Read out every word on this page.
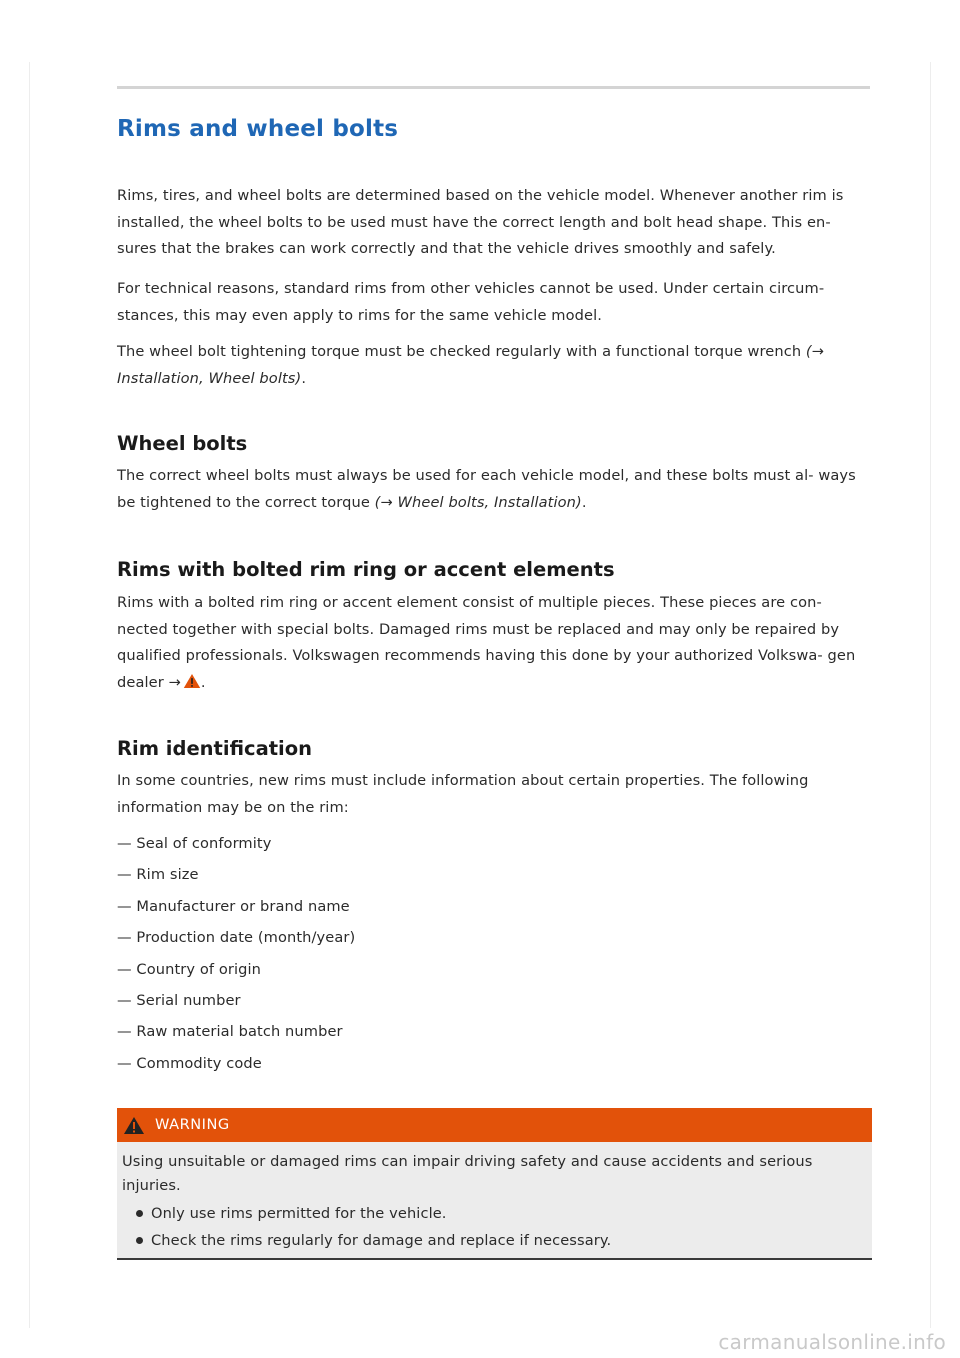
Rims and wheel bolts

Rims, tires, and wheel bolts are determined based on the vehicle model. Whenever another rim is installed, the wheel bolts to be used must have the correct length and bolt head shape. This en- sures that the brakes can work correctly and that the vehicle drives smoothly and safely.

For technical reasons, standard rims from other vehicles cannot be used. Under certain circum- stances, this may even apply to rims for the same vehicle model.

The wheel bolt tightening torque must be checked regularly with a functional torque wrench (→ Installation, Wheel bolts).

Wheel bolts

The correct wheel bolts must always be used for each vehicle model, and these bolts must al- ways be tightened to the correct torque (→ Wheel bolts, Installation).

Rims with bolted rim ring or accent elements

Rims with a bolted rim ring or accent element consist of multiple pieces. These pieces are con- nected together with special bolts. Damaged rims must be replaced and may only be repaired by qualified professionals. Volkswagen recommends having this done by your authorized Volkswa- gen dealer → .

Rim identification

In some countries, new rims must include information about certain properties. The following information may be on the rim:

— Seal of conformity
— Rim size
— Manufacturer or brand name
— Production date (month/year)
— Country of origin
— Serial number
— Raw material batch number
— Commodity code
WARNING

Using unsuitable or damaged rims can impair driving safety and cause accidents and serious injuries.

Only use rims permitted for the vehicle.
Check the rims regularly for damage and replace if necessary.
carmanualsonline.info
